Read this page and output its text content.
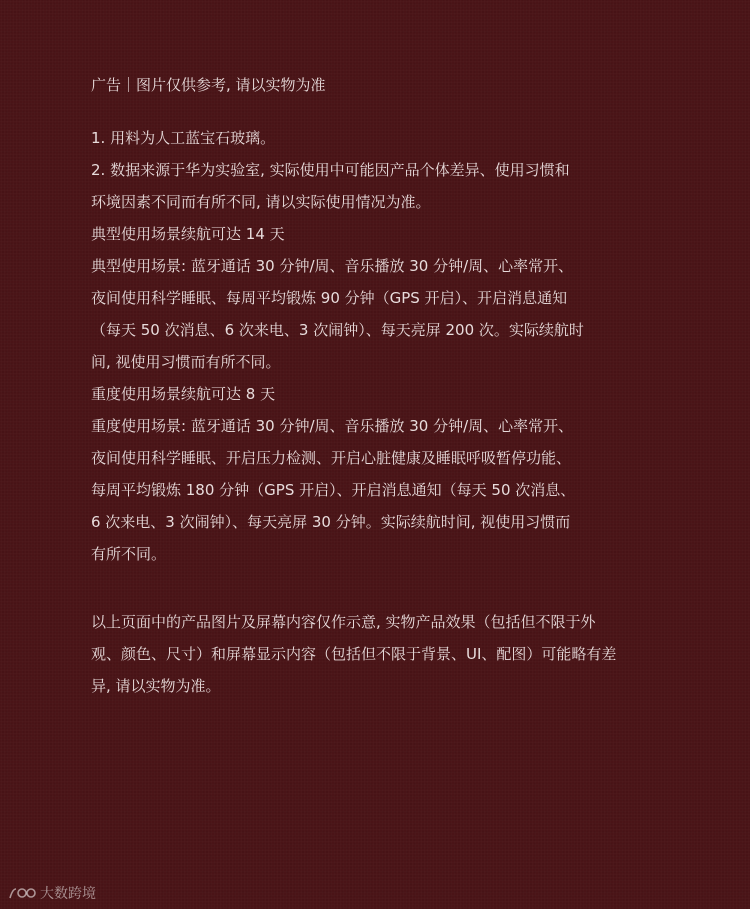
广告｜图片仅供参考, 请以实物为准
1. 用料为人工蓝宝石玻璃。
2. 数据来源于华为实验室, 实际使用中可能因产品个体差异、使用习惯和
环境因素不同而有所不同, 请以实际使用情况为准。
典型使用场景续航可达 14 天
典型使用场景: 蓝牙通话 30 分钟/周、音乐播放 30 分钟/周、心率常开、
夜间使用科学睡眠、每周平均锻炼 90 分钟（GPS 开启）、开启消息通知
（每天 50 次消息、6 次来电、3 次闹钟）、每天亮屏 200 次。实际续航时
间, 视使用习惯而有所不同。
重度使用场景续航可达 8 天
重度使用场景: 蓝牙通话 30 分钟/周、音乐播放 30 分钟/周、心率常开、
夜间使用科学睡眠、开启压力检测、开启心脏健康及睡眠呼吸暂停功能、
每周平均锻炼 180 分钟（GPS 开启）、开启消息通知（每天 50 次消息、
6 次来电、3 次闹钟）、每天亮屏 30 分钟。实际续航时间, 视使用习惯而
有所不同。
以上页面中的产品图片及屏幕内容仅作示意, 实物产品效果（包括但不限于外
观、颜色、尺寸）和屏幕显示内容（包括但不限于背景、UI、配图）可能略有差
异, 请以实物为准。
大数跨境
